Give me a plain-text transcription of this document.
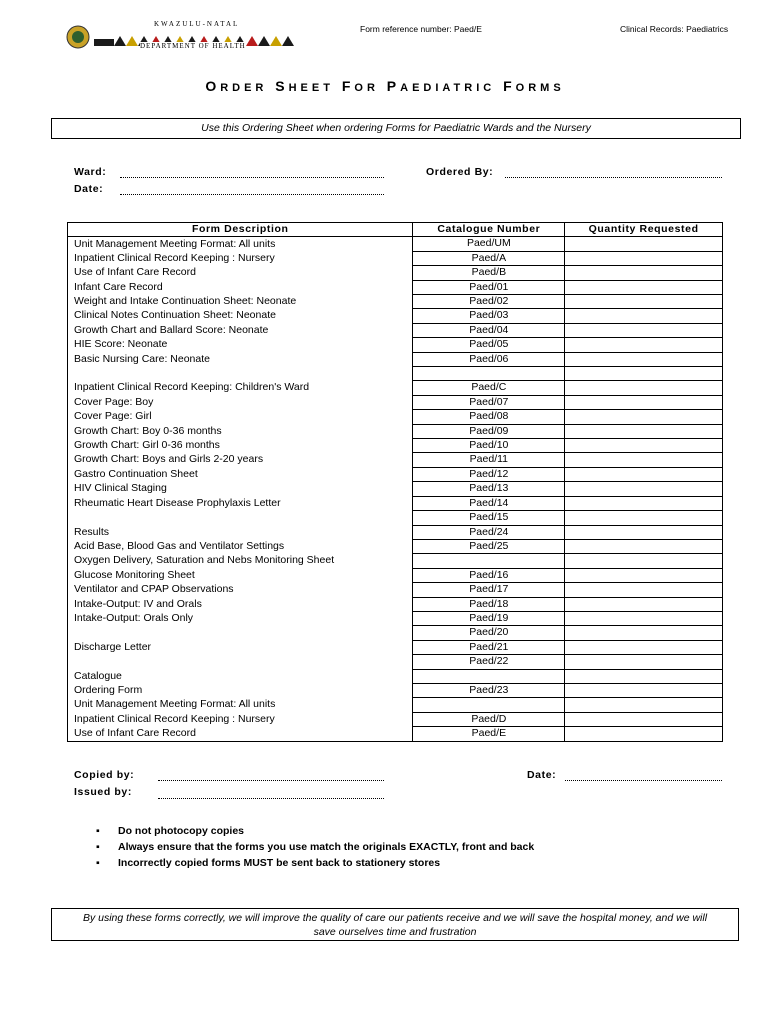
KWAZULU-NATAL
DEPARTMENT OF HEALTH
Form reference number: Paed/E	Clinical Records: Paediatrics
ORDER SHEET FOR PAEDIATRIC FORMS
Use this Ordering Sheet when ordering Forms for Paediatric Wards and the Nursery
Ward:
Date:
Ordered By:
Form Description	Catalogue Number	Quantity Requested
Unit Management Meeting Format: All units	Paed/UM	
Inpatient Clinical Record Keeping : Nursery	Paed/A	
Use of Infant Care Record	Paed/B	
Infant Care Record	Paed/01	
Weight and Intake Continuation Sheet: Neonate	Paed/02	
Clinical Notes Continuation Sheet: Neonate	Paed/03	
Growth Chart and Ballard Score: Neonate	Paed/04	
HIE Score: Neonate	Paed/05	
Basic Nursing Care: Neonate	Paed/06	

Inpatient Clinical Record Keeping: Children's Ward	Paed/C	
Cover Page: Boy	Paed/07	
Cover Page: Girl	Paed/08	
Growth Chart: Boy 0-36 months	Paed/09	
Growth Chart: Girl 0-36 months	Paed/10	
Growth Chart: Boys and Girls 2-20 years	Paed/11	
Gastro Continuation Sheet	Paed/12	
HIV Clinical Staging	Paed/13	
Rheumatic Heart Disease Prophylaxis Letter	Paed/14	
	Paed/15	
Results	Paed/24	
Acid Base, Blood Gas and Ventilator Settings	Paed/25	
Oxygen Delivery, Saturation and Nebs Monitoring Sheet		
Glucose Monitoring Sheet	Paed/16	
Ventilator and CPAP Observations	Paed/17	
Intake-Output: IV and Orals	Paed/18	
Intake-Output: Orals Only	Paed/19	
	Paed/20	
Discharge Letter	Paed/21	
	Paed/22	
Catalogue		
Ordering Form	Paed/23	
Unit Management Meeting Format: All units		
Inpatient Clinical Record Keeping : Nursery	Paed/D	
Use of Infant Care Record	Paed/E	
Copied by:
Issued by:
Date:
▪ Do not photocopy copies
▪ Always ensure that the forms you use match the originals EXACTLY, front and back
▪ Incorrectly copied forms MUST be sent back to stationery stores
By using these forms correctly, we will improve the quality of care our patients receive and we will save the hospital money, and we will save ourselves time and frustration
